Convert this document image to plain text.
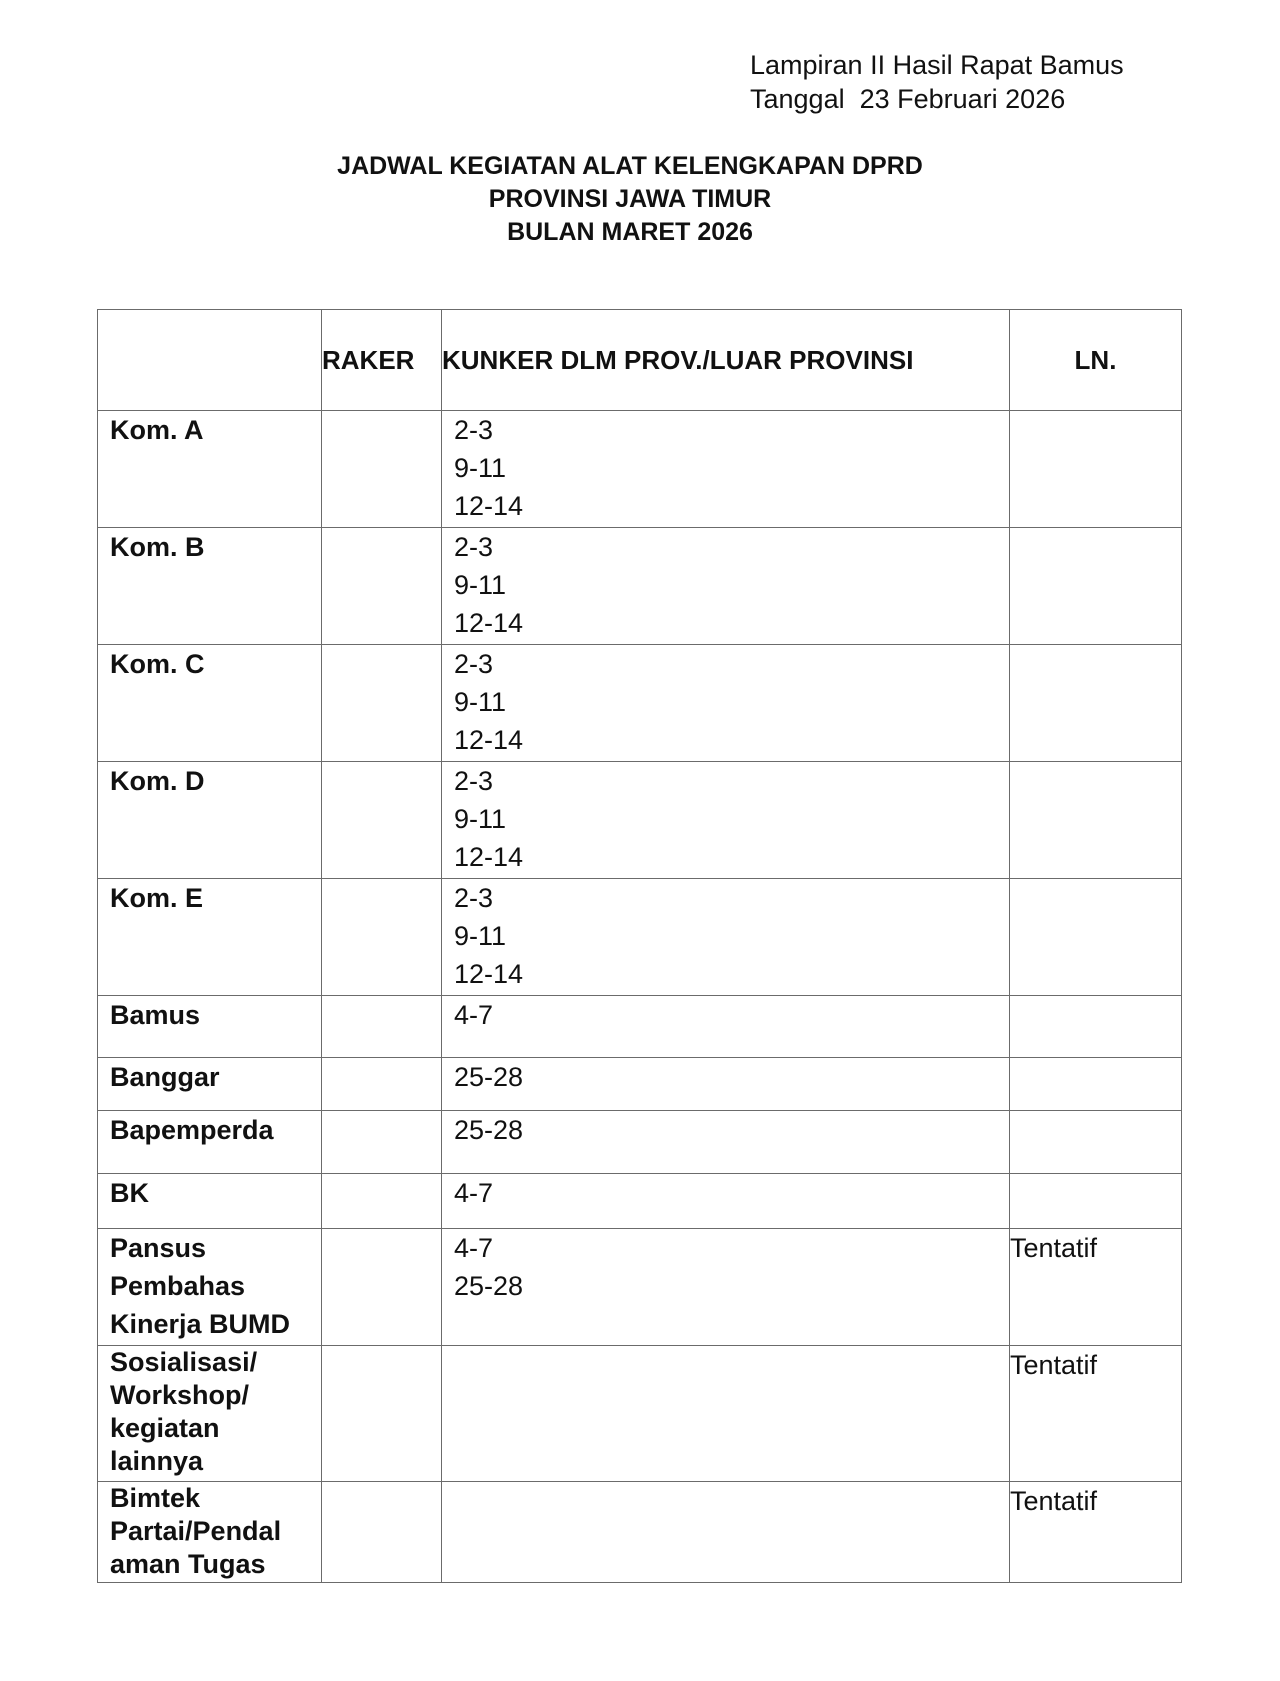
Lampiran II Hasil Rapat Bamus
Tanggal  23 Februari 2026
JADWAL KEGIATAN ALAT KELENGKAPAN DPRD
PROVINSI JAWA TIMUR
BULAN MARET 2026
	RAKER	KUNKER DLM PROV./LUAR PROVINSI	LN.

Kom. A		2-3
9-11
12-14	

Kom. B		2-3
9-11
12-14	

Kom. C		2-3
9-11
12-14	

Kom. D		2-3
9-11
12-14	

Kom. E		2-3
9-11
12-14	

Bamus		4-7	

Banggar		25-28	

Bapemperda		25-28	

BK		4-7	

Pansus
Pembahas
Kinerja BUMD		4-7
25-28	Tentatif

Sosialisasi/
Workshop/
kegiatan
lainnya			Tentatif

Bimtek
Partai/Pendal
aman Tugas			Tentatif
